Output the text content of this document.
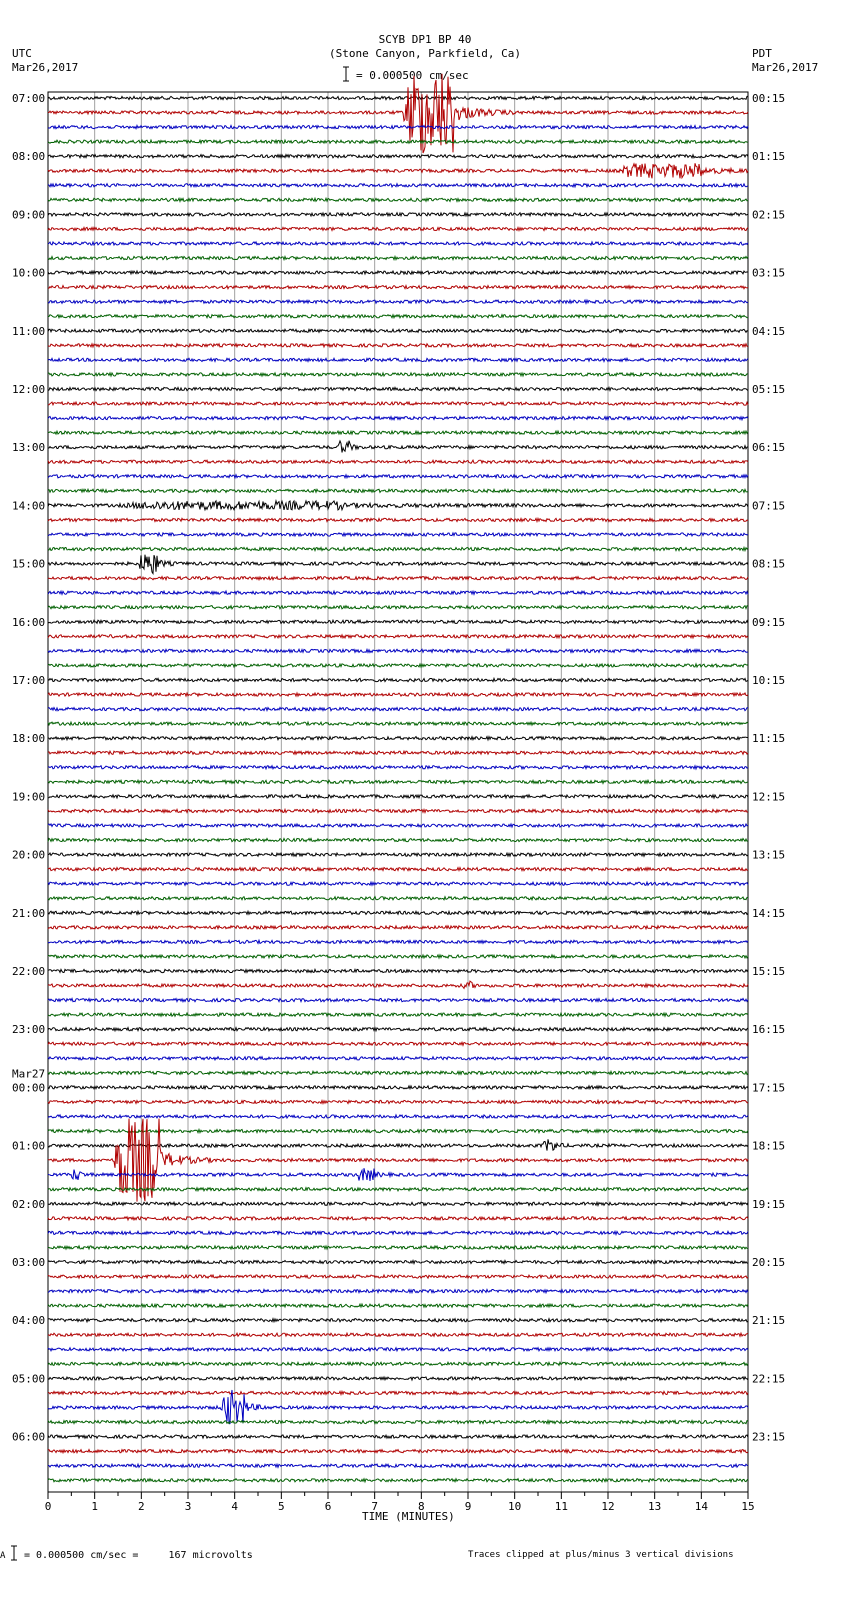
SCYB DP1 BP 40
(Stone Canyon, Parkfield, Ca)
UTC
Mar26,2017
PDT
Mar26,2017
= 0.000500 cm/sec
07:00
08:00
09:00
10:00
11:00
12:00
13:00
14:00
15:00
16:00
17:00
18:00
19:00
20:00
21:00
22:00
23:00
00:00
Mar27
01:00
02:00
03:00
04:00
05:00
06:00
00:15
01:15
02:15
03:15
04:15
05:15
06:15
07:15
08:15
09:15
10:15
11:15
12:15
13:15
14:15
15:15
16:15
17:15
18:15
19:15
20:15
21:15
22:15
23:15
0	1	2	3	4	5	6	7	8	9	10	11	12	13	14	15
TIME (MINUTES)
A = 0.000500 cm/sec =     167 microvolts	Traces clipped at plus/minus 3 vertical divisions
